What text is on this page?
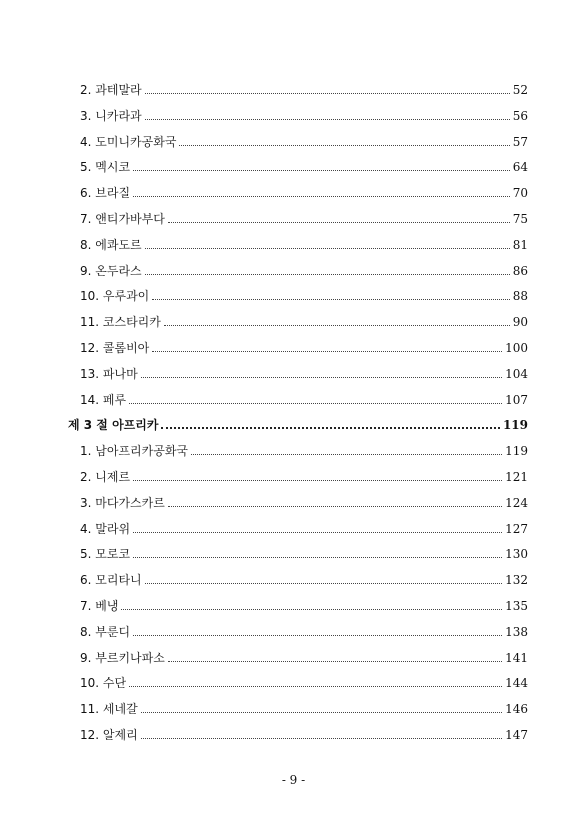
2. 과테말라	52
3. 니카라과	56
4. 도미니카공화국	57
5. 멕시코	64
6. 브라질	70
7. 앤티가바부다	75
8. 에콰도르	81
9. 온두라스	86
10. 우루과이	88
11. 코스타리카	90
12. 콜롬비아	100
13. 파나마	104
14. 페루	107
제 3 절 아프리카	119
1. 남아프리카공화국	119
2. 니제르	121
3. 마다가스카르	124
4. 말라위	127
5. 모로코	130
6. 모리타니	132
7. 베냉	135
8. 부룬디	138
9. 부르키나파소	141
10. 수단	144
11. 세네갈	146
12. 알제리	147
- 9 -
